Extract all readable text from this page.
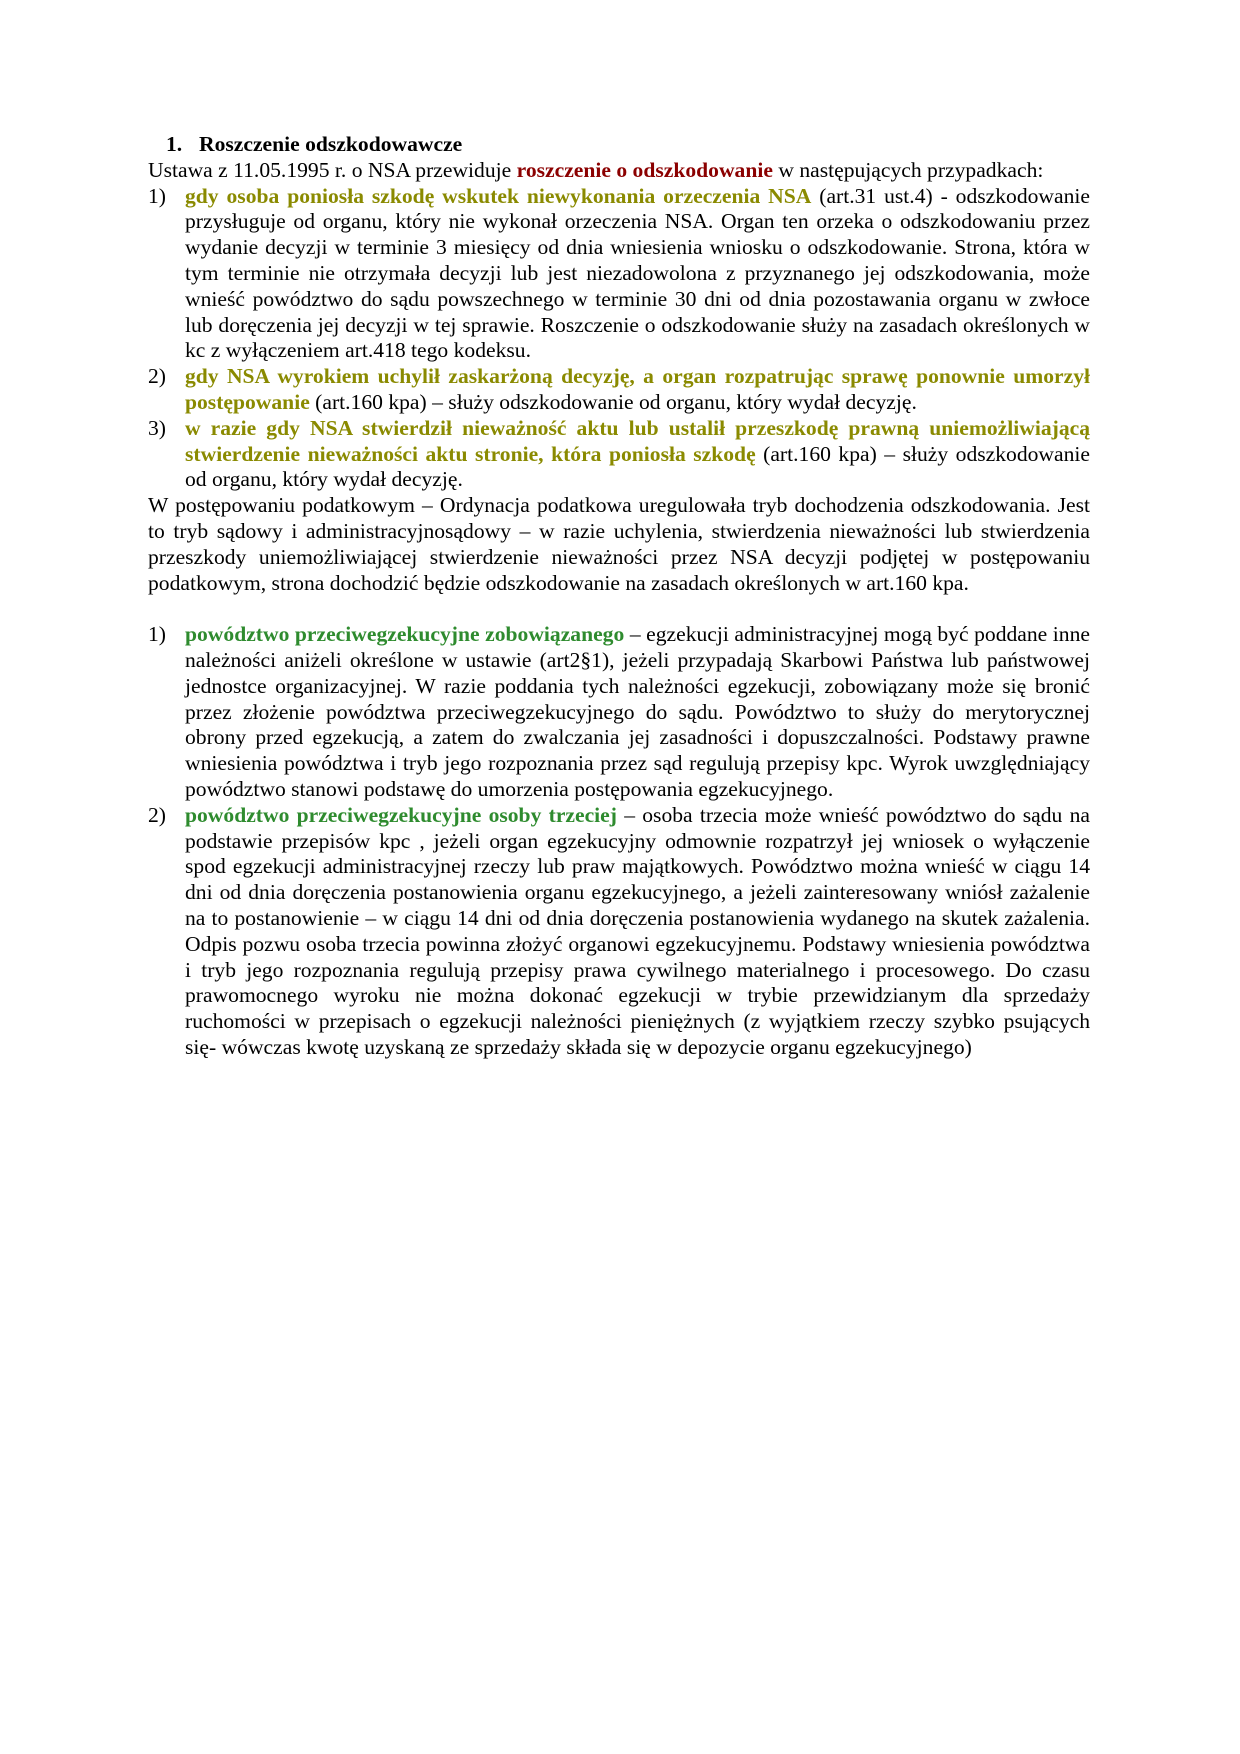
1. Roszczenie odszkodowawcze

Ustawa z 11.05.1995 r. o NSA przewiduje roszczenie o odszkodowanie w następujących przypadkach:

1) gdy osoba poniosła szkodę wskutek niewykonania orzeczenia NSA (art.31 ust.4) - odszkodowanie przysługuje od organu, który nie wykonał orzeczenia NSA. Organ ten orzeka o odszkodowaniu przez wydanie decyzji w terminie 3 miesięcy od dnia wniesienia wniosku o odszkodowanie. Strona, która w tym terminie nie otrzymała decyzji lub jest niezadowolona z przyznanego jej odszkodowania, może wnieść powództwo do sądu powszechnego w terminie 30 dni od dnia pozostawania organu w zwłoce lub doręczenia jej decyzji w tej sprawie. Roszczenie o odszkodowanie służy na zasadach określonych w kc z wyłączeniem art.418 tego kodeksu.
2) gdy NSA wyrokiem uchylił zaskarżoną decyzję, a organ rozpatrując sprawę ponownie umorzył postępowanie (art.160 kpa) – służy odszkodowanie od organu, który wydał decyzję.
3) w razie gdy NSA stwierdził nieważność aktu lub ustalił przeszkodę prawną uniemożliwiającą stwierdzenie nieważności aktu stronie, która poniosła szkodę (art.160 kpa) – służy odszkodowanie od organu, który wydał decyzję.

W postępowaniu podatkowym – Ordynacja podatkowa uregulowała tryb dochodzenia odszkodowania. Jest to tryb sądowy i administracyjnosądowy – w razie uchylenia, stwierdzenia nieważności lub stwierdzenia przeszkody uniemożliwiającej stwierdzenie nieważności przez NSA decyzji podjętej w postępowaniu podatkowym, strona dochodzić będzie odszkodowanie na zasadach określonych w art.160 kpa.

1) powództwo przeciwegzekucyjne zobowiązanego – egzekucji administracyjnej mogą być poddane inne należności aniżeli określone w ustawie (art2§1), jeżeli przypadają Skarbowi Państwa lub państwowej jednostce organizacyjnej. W razie poddania tych należności egzekucji, zobowiązany może się bronić przez złożenie powództwa przeciwegzekucyjnego do sądu. Powództwo to służy do merytorycznej obrony przed egzekucją, a zatem do zwalczania jej zasadności i dopuszczalności. Podstawy prawne wniesienia powództwa i tryb jego rozpoznania przez sąd regulują przepisy kpc. Wyrok uwzględniający powództwo stanowi podstawę do umorzenia postępowania egzekucyjnego.
2) powództwo przeciwegzekucyjne osoby trzeciej – osoba trzecia może wnieść powództwo do sądu na podstawie przepisów kpc , jeżeli organ egzekucyjny odmownie rozpatrzył jej wniosek o wyłączenie spod egzekucji administracyjnej rzeczy lub praw majątkowych. Powództwo można wnieść w ciągu 14 dni od dnia doręczenia postanowienia organu egzekucyjnego, a jeżeli zainteresowany wniósł zażalenie na to postanowienie – w ciągu 14 dni od dnia doręczenia postanowienia wydanego na skutek zażalenia. Odpis pozwu osoba trzecia powinna złożyć organowi egzekucyjnemu. Podstawy wniesienia powództwa i tryb jego rozpoznania regulują przepisy prawa cywilnego materialnego i procesowego. Do czasu prawomocnego wyroku nie można dokonać egzekucji w trybie przewidzianym dla sprzedaży ruchomości w przepisach o egzekucji należności pieniężnych (z wyjątkiem rzeczy szybko psujących się- wówczas kwotę uzyskaną ze sprzedaży składa się w depozycie organu egzekucyjnego)
